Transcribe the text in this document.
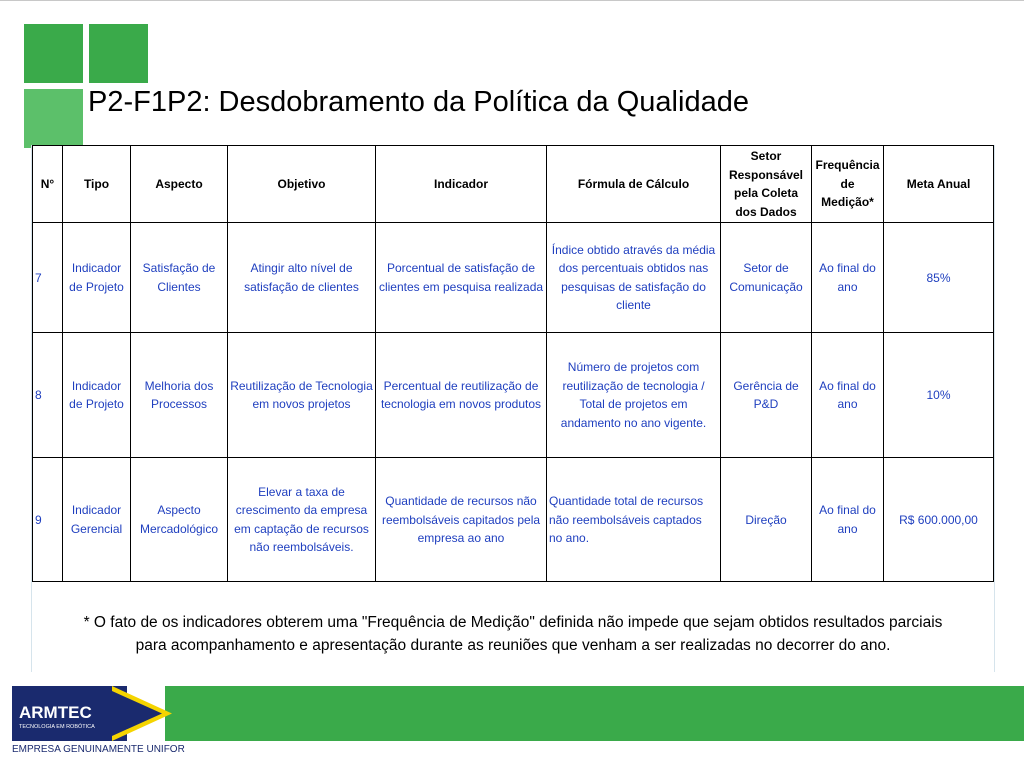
P2-F1P2: Desdobramento da Política da Qualidade
N°	Tipo	Aspecto	Objetivo	Indicador	Fórmula de Cálculo	Setor Responsável pela Coleta dos Dados	Frequência de Medição*	Meta Anual
7	Indicador de Projeto	Satisfação de Clientes	Atingir alto nível de satisfação de clientes	Porcentual de satisfação de clientes em pesquisa realizada	Índice obtido através da média dos percentuais obtidos nas pesquisas de satisfação do cliente	Setor de Comunicação	Ao final do ano	85%
8	Indicador de Projeto	Melhoria dos Processos	Reutilização de Tecnologia em novos projetos	Percentual de reutilização de tecnologia em novos produtos	Número de projetos com reutilização de tecnologia / Total de projetos em andamento no ano vigente.	Gerência de P&D	Ao final do ano	10%
9	Indicador Gerencial	Aspecto Mercadológico	Elevar a taxa de crescimento da empresa em captação de recursos não reembolsáveis.	Quantidade de recursos não reembolsáveis capitados pela empresa ao ano	Quantidade total de recursos não reembolsáveis captados no ano.	Direção	Ao final do ano	R$ 600.000,00

* O fato de os indicadores obterem uma "Frequência de Medição" definida não impede que sejam obtidos resultados parciais
para acompanhamento e apresentação durante as reuniões que venham a ser realizadas no decorrer do ano.

ARMTEC
TECNOLOGIA EM ROBÓTICA
EMPRESA GENUINAMENTE UNIFOR
